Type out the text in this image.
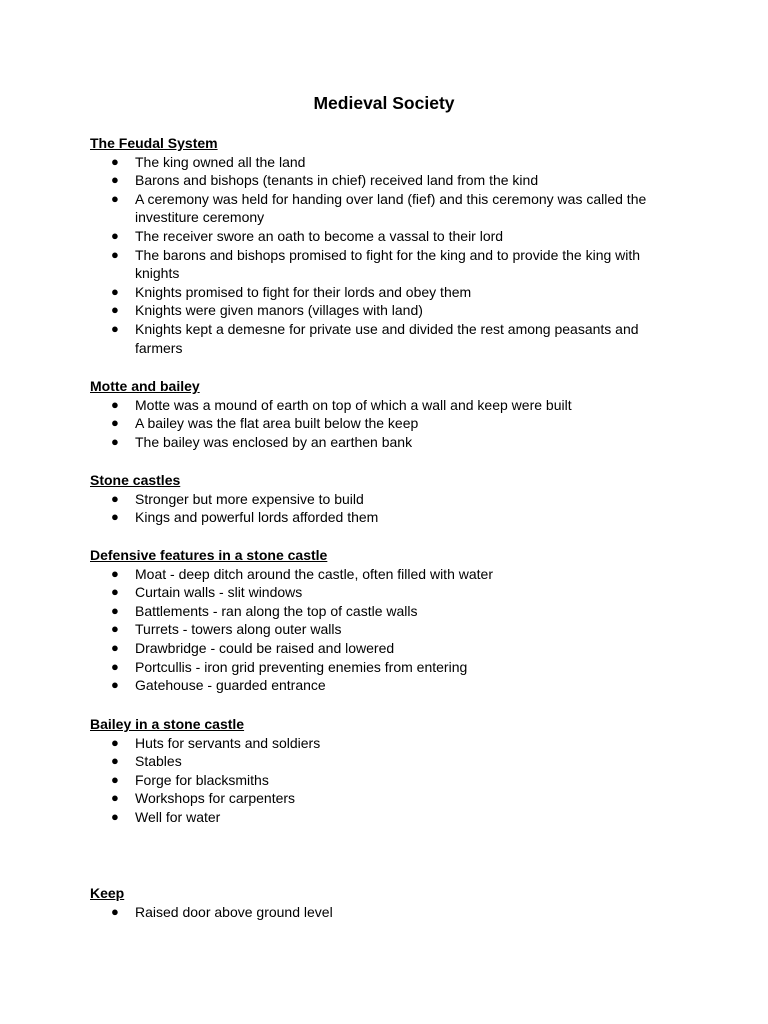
Medieval Society
The Feudal System
● The king owned all the land
● Barons and bishops (tenants in chief) received land from the kind
● A ceremony was held for handing over land (fief) and this ceremony was called the investiture ceremony
● The receiver swore an oath to become a vassal to their lord
● The barons and bishops promised to fight for the king and to provide the king with knights
● Knights promised to fight for their lords and obey them
● Knights were given manors (villages with land)
● Knights kept a demesne for private use and divided the rest among peasants and farmers
Motte and bailey
● Motte was a mound of earth on top of which a wall and keep were built
● A bailey was the flat area built below the keep
● The bailey was enclosed by an earthen bank
Stone castles
● Stronger but more expensive to build
● Kings and powerful lords afforded them
Defensive features in a stone castle
● Moat - deep ditch around the castle, often filled with water
● Curtain walls - slit windows
● Battlements - ran along the top of castle walls
● Turrets - towers along outer walls
● Drawbridge - could be raised and lowered
● Portcullis - iron grid preventing enemies from entering
● Gatehouse - guarded entrance
Bailey in a stone castle
● Huts for servants and soldiers
● Stables
● Forge for blacksmiths
● Workshops for carpenters
● Well for water
Keep
● Raised door above ground level
